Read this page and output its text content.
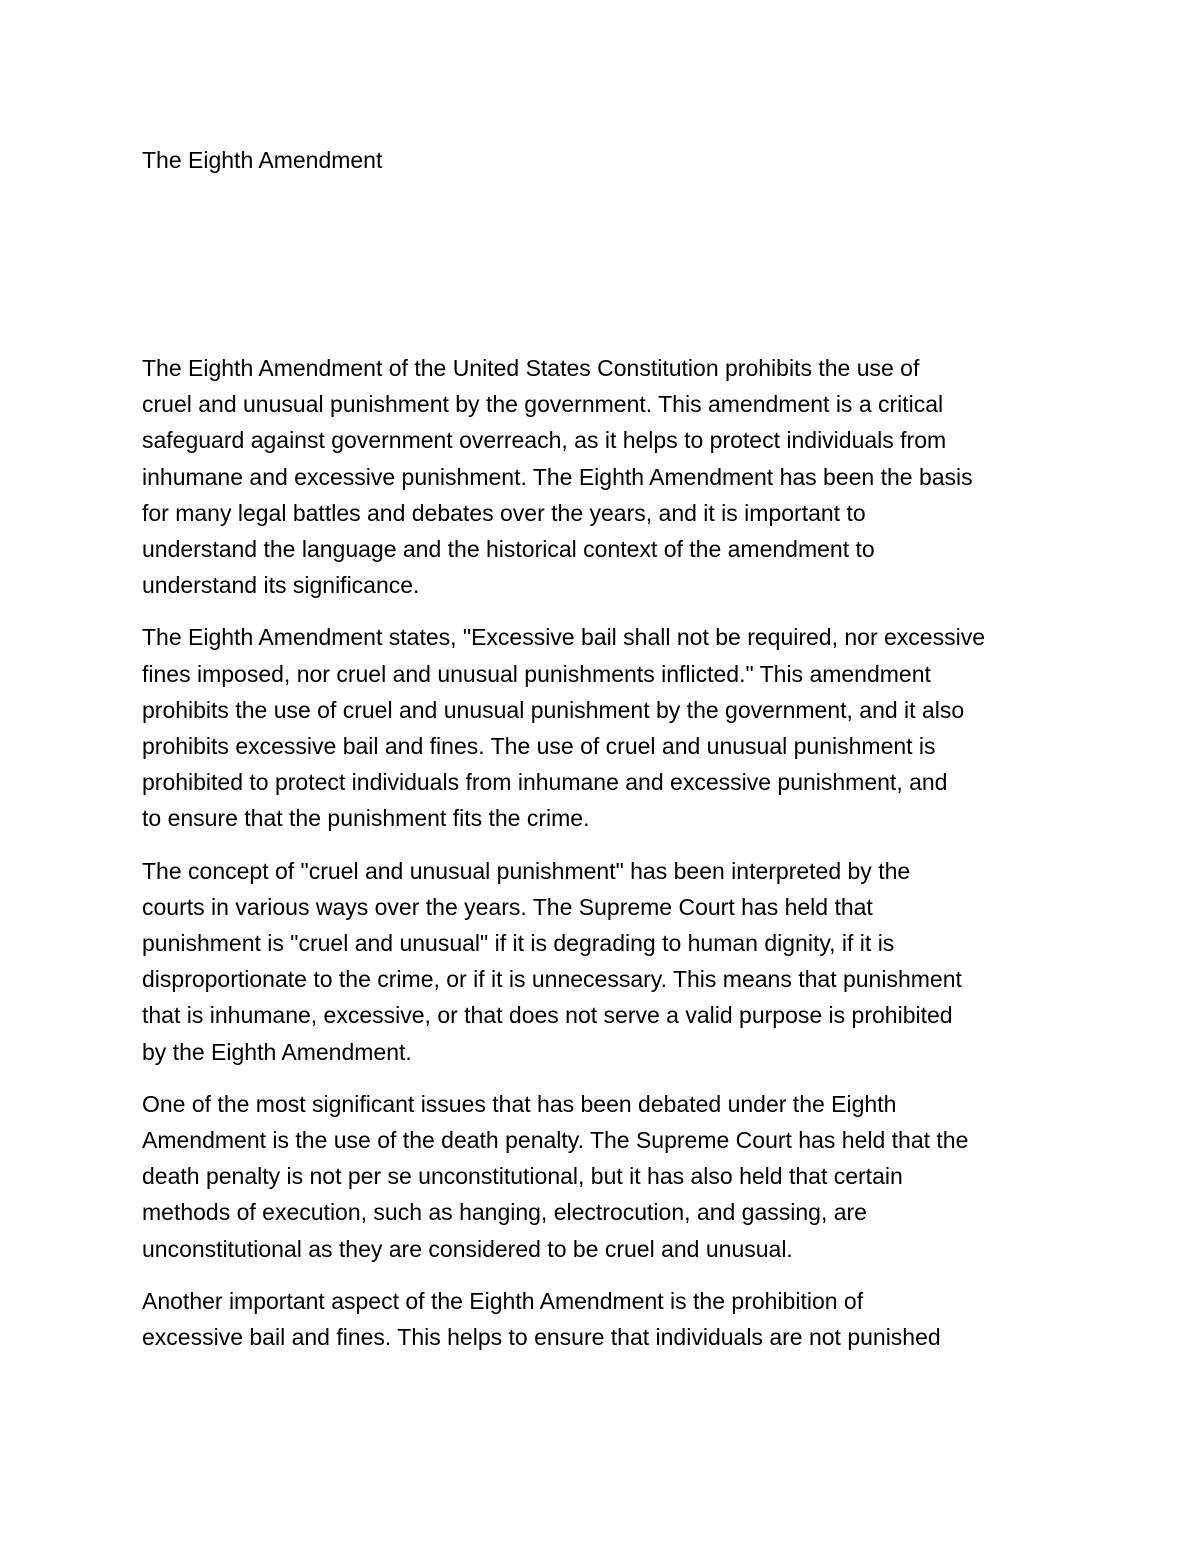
The Eighth Amendment

The Eighth Amendment of the United States Constitution prohibits the use of
cruel and unusual punishment by the government. This amendment is a critical
safeguard against government overreach, as it helps to protect individuals from
inhumane and excessive punishment. The Eighth Amendment has been the basis
for many legal battles and debates over the years, and it is important to
understand the language and the historical context of the amendment to
understand its significance.

The Eighth Amendment states, "Excessive bail shall not be required, nor excessive
fines imposed, nor cruel and unusual punishments inflicted." This amendment
prohibits the use of cruel and unusual punishment by the government, and it also
prohibits excessive bail and fines. The use of cruel and unusual punishment is
prohibited to protect individuals from inhumane and excessive punishment, and
to ensure that the punishment fits the crime.

The concept of "cruel and unusual punishment" has been interpreted by the
courts in various ways over the years. The Supreme Court has held that
punishment is "cruel and unusual" if it is degrading to human dignity, if it is
disproportionate to the crime, or if it is unnecessary. This means that punishment
that is inhumane, excessive, or that does not serve a valid purpose is prohibited
by the Eighth Amendment.

One of the most significant issues that has been debated under the Eighth
Amendment is the use of the death penalty. The Supreme Court has held that the
death penalty is not per se unconstitutional, but it has also held that certain
methods of execution, such as hanging, electrocution, and gassing, are
unconstitutional as they are considered to be cruel and unusual.

Another important aspect of the Eighth Amendment is the prohibition of
excessive bail and fines. This helps to ensure that individuals are not punished
